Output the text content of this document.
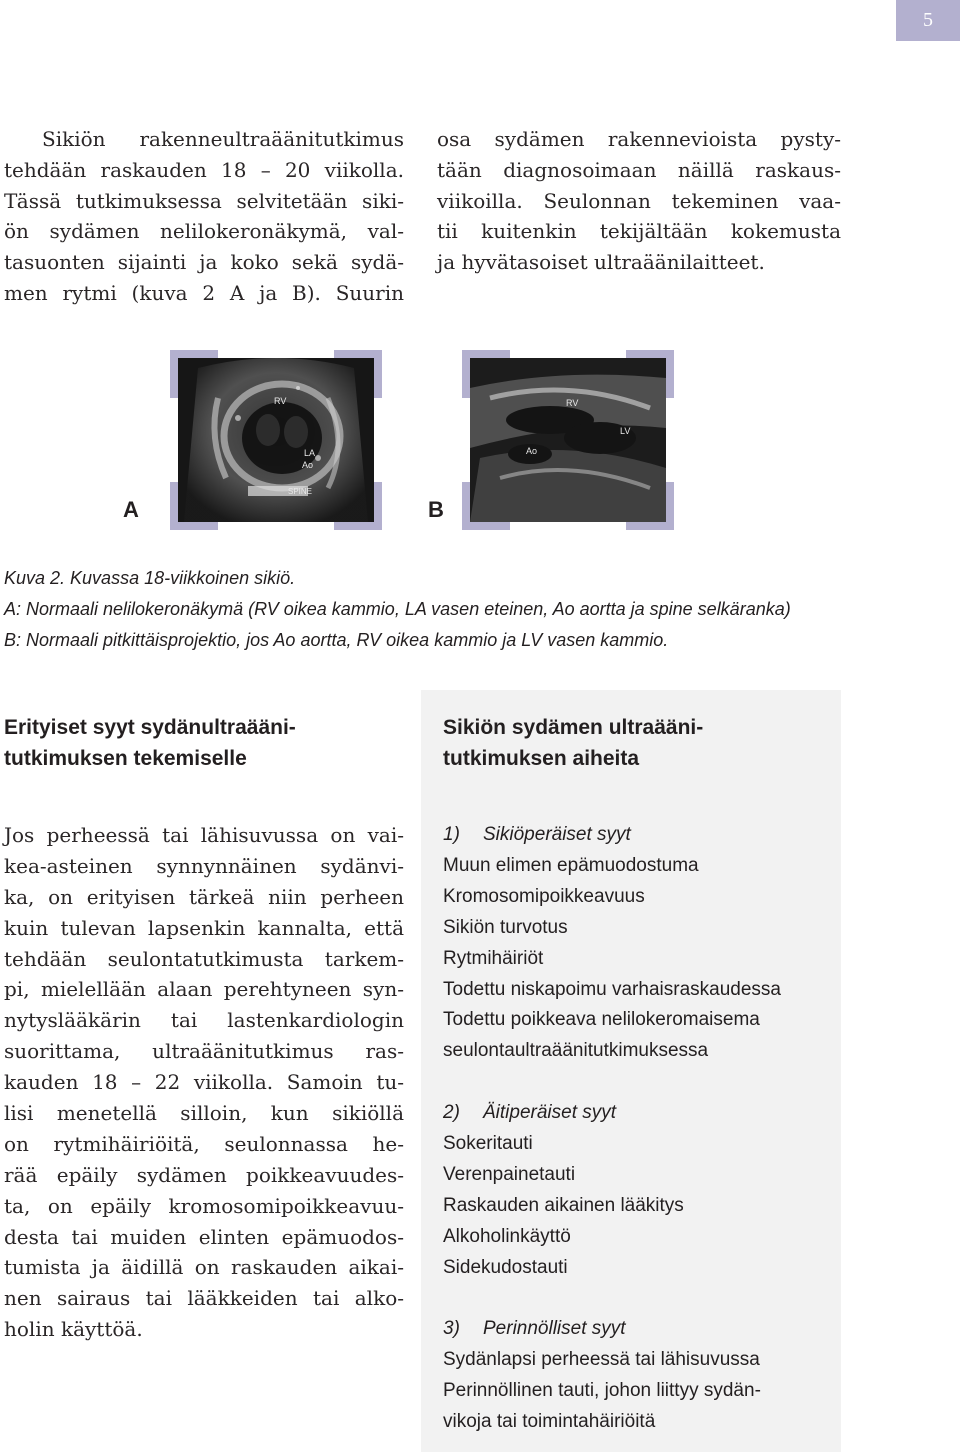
5
Sikiön rakenneultraäänitutkimus
tehdään raskauden 18 – 20 viikolla.
Tässä tutkimuksessa selvitetään siki-
ön sydämen nelilokeronäkymä, val-
tasuonten sijainti ja koko sekä sydä-
men rytmi (kuva 2 A ja B). Suurin
osa sydämen rakennevioista pysty-
tään diagnosoimaan näillä raskaus-
viikoilla. Seulonnan tekeminen vaa-
tii kuitenkin tekijältään kokemusta
ja hyvätasoiset ultraäänilaitteet.
RV
LA
Ao
SPINE
A
RV
LV
Ao
B
Kuva 2. Kuvassa 18-viikkoinen sikiö.
A: Normaali nelilokeronäkymä (RV oikea kammio, LA vasen eteinen, Ao aortta ja spine selkäranka)
B: Normaali pitkittäisprojektio, jos Ao aortta, RV oikea kammio ja LV vasen kammio.
Erityiset syyt sydänultraääni-
tutkimuksen tekemiselle
Jos perheessä tai lähisuvussa on vai-
kea-asteinen synnynnäinen sydänvi-
ka, on erityisen tärkeä niin perheen
kuin tulevan lapsenkin kannalta, että
tehdään seulontatutkimusta tarkem-
pi, mielellään alaan perehtyneen syn-
nytyslääkärin tai lastenkardiologin
suorittama, ultraäänitutkimus ras-
kauden 18 – 22 viikolla. Samoin tu-
lisi menetellä silloin, kun sikiöllä
on rytmihäiriöitä, seulonnassa he-
rää epäily sydämen poikkeavuudes-
ta, on epäily kromosomipoikkeavuu-
desta tai muiden elinten epämuodos-
tumista ja äidillä on raskauden aikai-
nen sairaus tai lääkkeiden tai alko-
holin käyttöä.
Sikiön sydämen ultraääni-
tutkimuksen aiheita
1) Sikiöperäiset syyt
Muun elimen epämuodostuma
Kromosomipoikkeavuus
Sikiön turvotus
Rytmihäiriöt
Todettu niskapoimu varhaisraskaudessa
Todettu poikkeava nelilokeromaisema
seulontaultraäänitutkimuksessa
2) Äitiperäiset syyt
Sokeritauti
Verenpainetauti
Raskauden aikainen lääkitys
Alkoholinkäyttö
Sidekudostauti
3) Perinnölliset syyt
Sydänlapsi perheessä tai lähisuvussa
Perinnöllinen tauti, johon liittyy sydän-
vikoja tai toimintahäiriöitä
